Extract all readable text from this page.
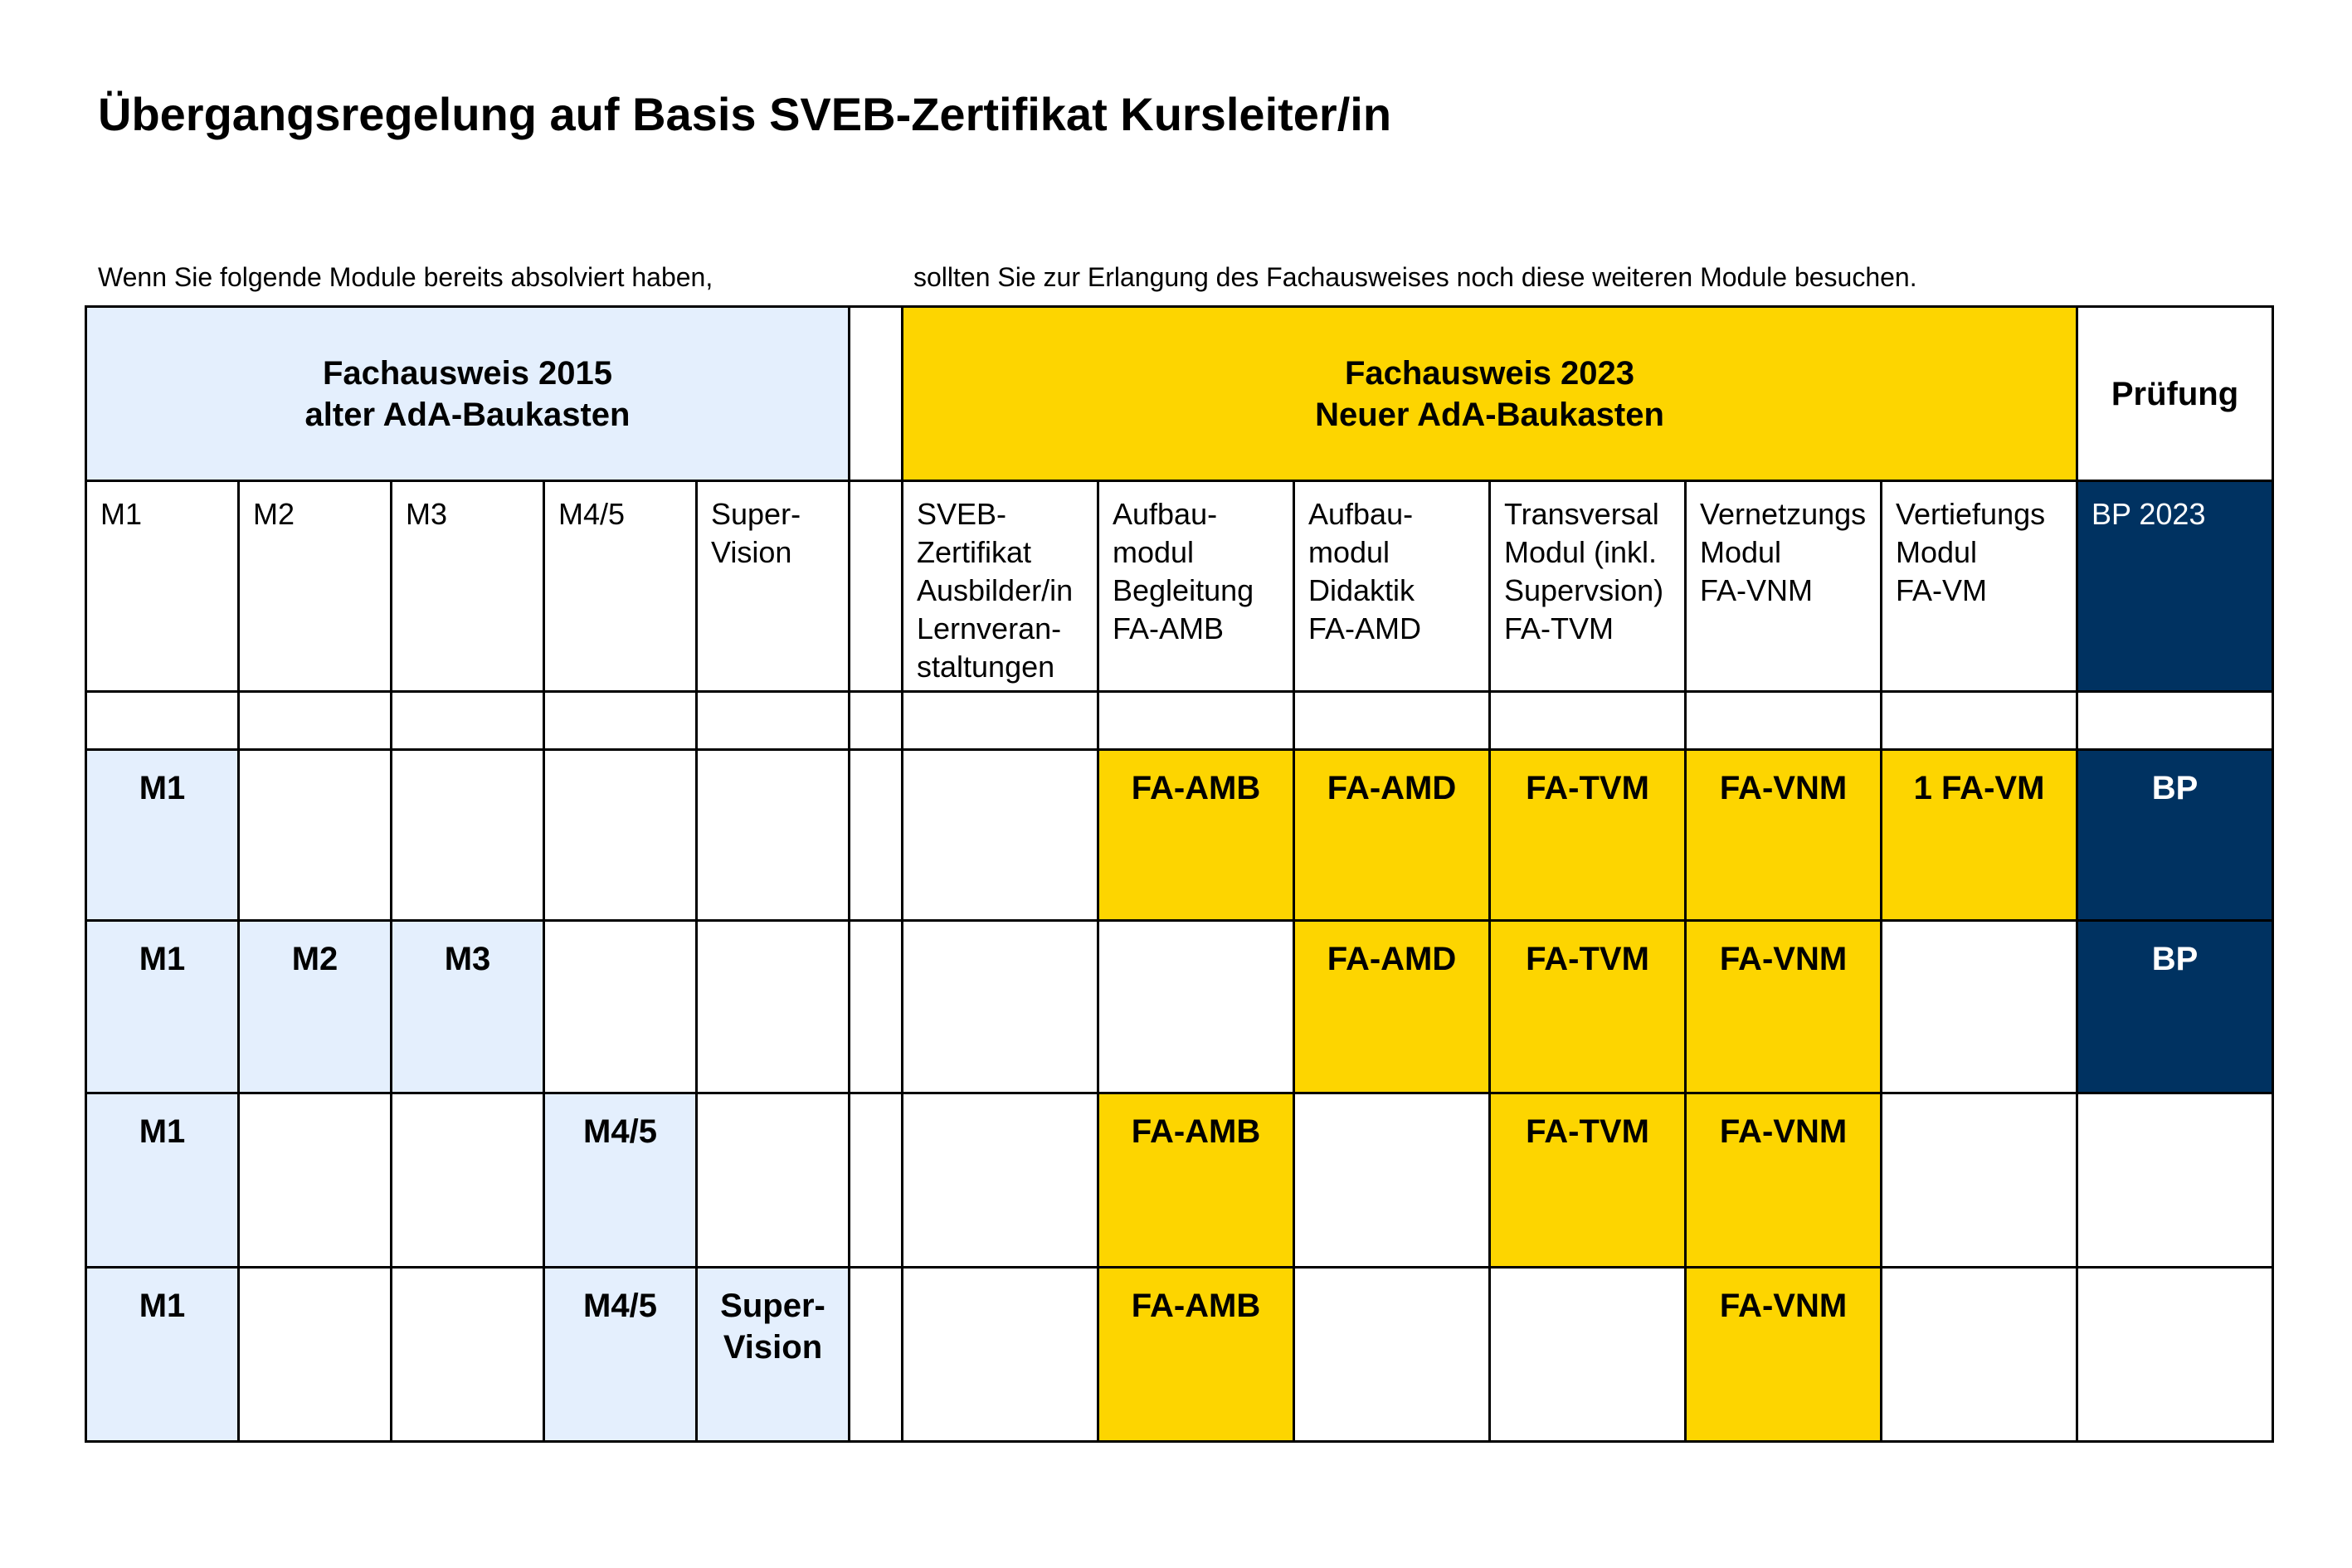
Übergangsregelung auf Basis SVEB-Zertifikat Kursleiter/in

Wenn Sie folgende Module bereits absolviert haben,	sollten Sie zur Erlangung des Fachausweises noch diese weiteren Module besuchen.

Fachausweis 2015
alter AdA-Baukasten						Fachausweis 2023
Neuer AdA-Baukasten						Prüfung

M1	M2	M3	M4/5	Super-
Vision		SVEB-
Zertifikat
Ausbilder/in
Lernveran-
staltungen	Aufbau-
modul
Begleitung
FA-AMB	Aufbau-
modul
Didaktik
FA-AMD	Transversal
Modul (inkl.
Supervsion)
FA-TVM	Vernetzungs
Modul
FA-VNM	Vertiefungs
Modul
FA-VM	BP 2023

M1							FA-AMB	FA-AMD	FA-TVM	FA-VNM	1 FA-VM	BP
M1	M2	M3						FA-AMD	FA-TVM	FA-VNM		BP
M1			M4/5				FA-AMB		FA-TVM	FA-VNM		
M1			M4/5	Super-
Vision			FA-AMB			FA-VNM		
